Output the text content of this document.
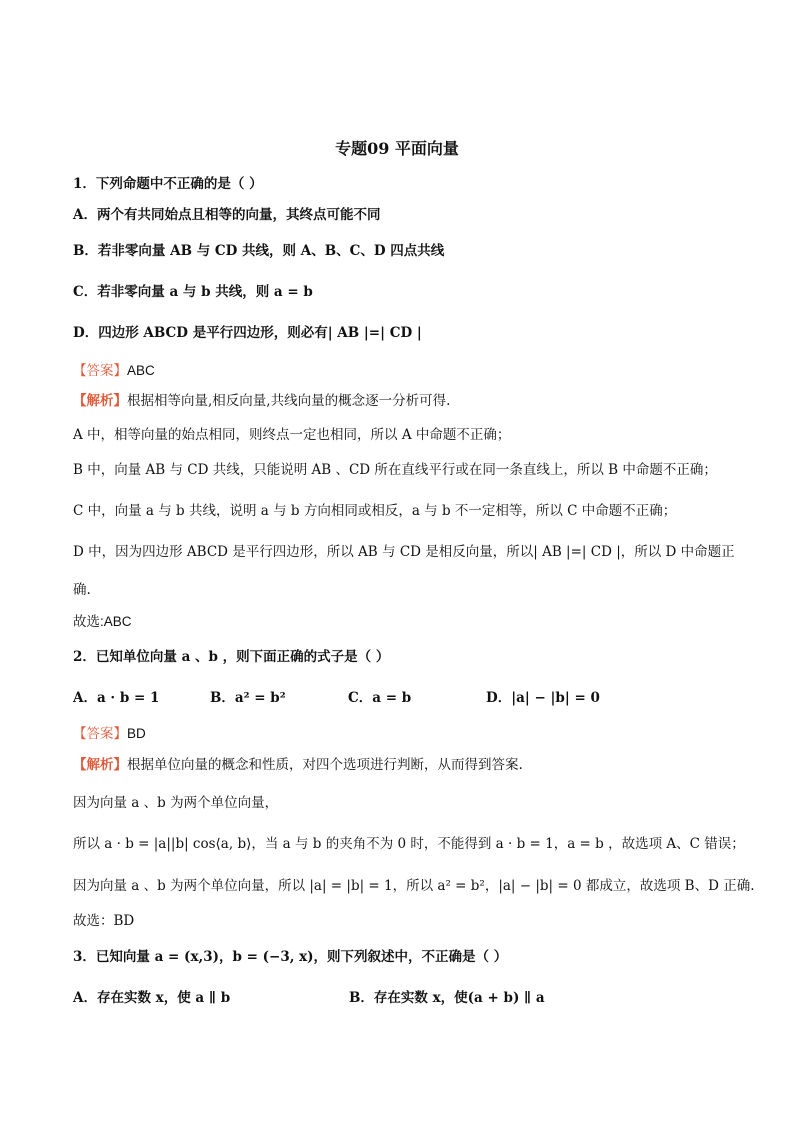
专题09 平面向量
1．下列命题中不正确的是（ ）
A．两个有共同始点且相等的向量，其终点可能不同
B．若非零向量 AB 与 CD 共线，则 A、B、C、D 四点共线
C．若非零向量 a 与 b 共线，则 a = b
D．四边形 ABCD 是平行四边形，则必有| AB |=| CD |
【答案】ABC
【解析】根据相等向量,相反向量,共线向量的概念逐一分析可得.
A 中，相等向量的始点相同，则终点一定也相同，所以 A 中命题不正确；
B 中，向量 AB 与 CD 共线，只能说明 AB 、CD 所在直线平行或在同一条直线上，所以 B 中命题不正确；
C 中，向量 a 与 b 共线，说明 a 与 b 方向相同或相反，a 与 b 不一定相等，所以 C 中命题不正确；
D 中，因为四边形 ABCD 是平行四边形，所以 AB 与 CD 是相反向量，所以| AB |=| CD |，所以 D 中命题正
确.
故选:ABC
2．已知单位向量 a 、b ，则下面正确的式子是（ ）
A．a · b = 1	B．a² = b²	C．a = b	D．|a| − |b| = 0
【答案】BD
【解析】根据单位向量的概念和性质，对四个选项进行判断，从而得到答案.
因为向量 a 、b 为两个单位向量，
所以 a · b = |a||b| cos⟨a, b⟩，当 a 与 b 的夹角不为 0 时，不能得到 a · b = 1，a = b ，故选项 A、C 错误；
因为向量 a 、b 为两个单位向量，所以 |a| = |b| = 1，所以 a² = b²，|a| − |b| = 0 都成立，故选项 B、D 正确.
故选：BD
3．已知向量 a = (x,3)，b = (−3, x)，则下列叙述中，不正确是（ ）
A．存在实数 x，使 a ∥ b	B．存在实数 x，使(a + b) ∥ a
